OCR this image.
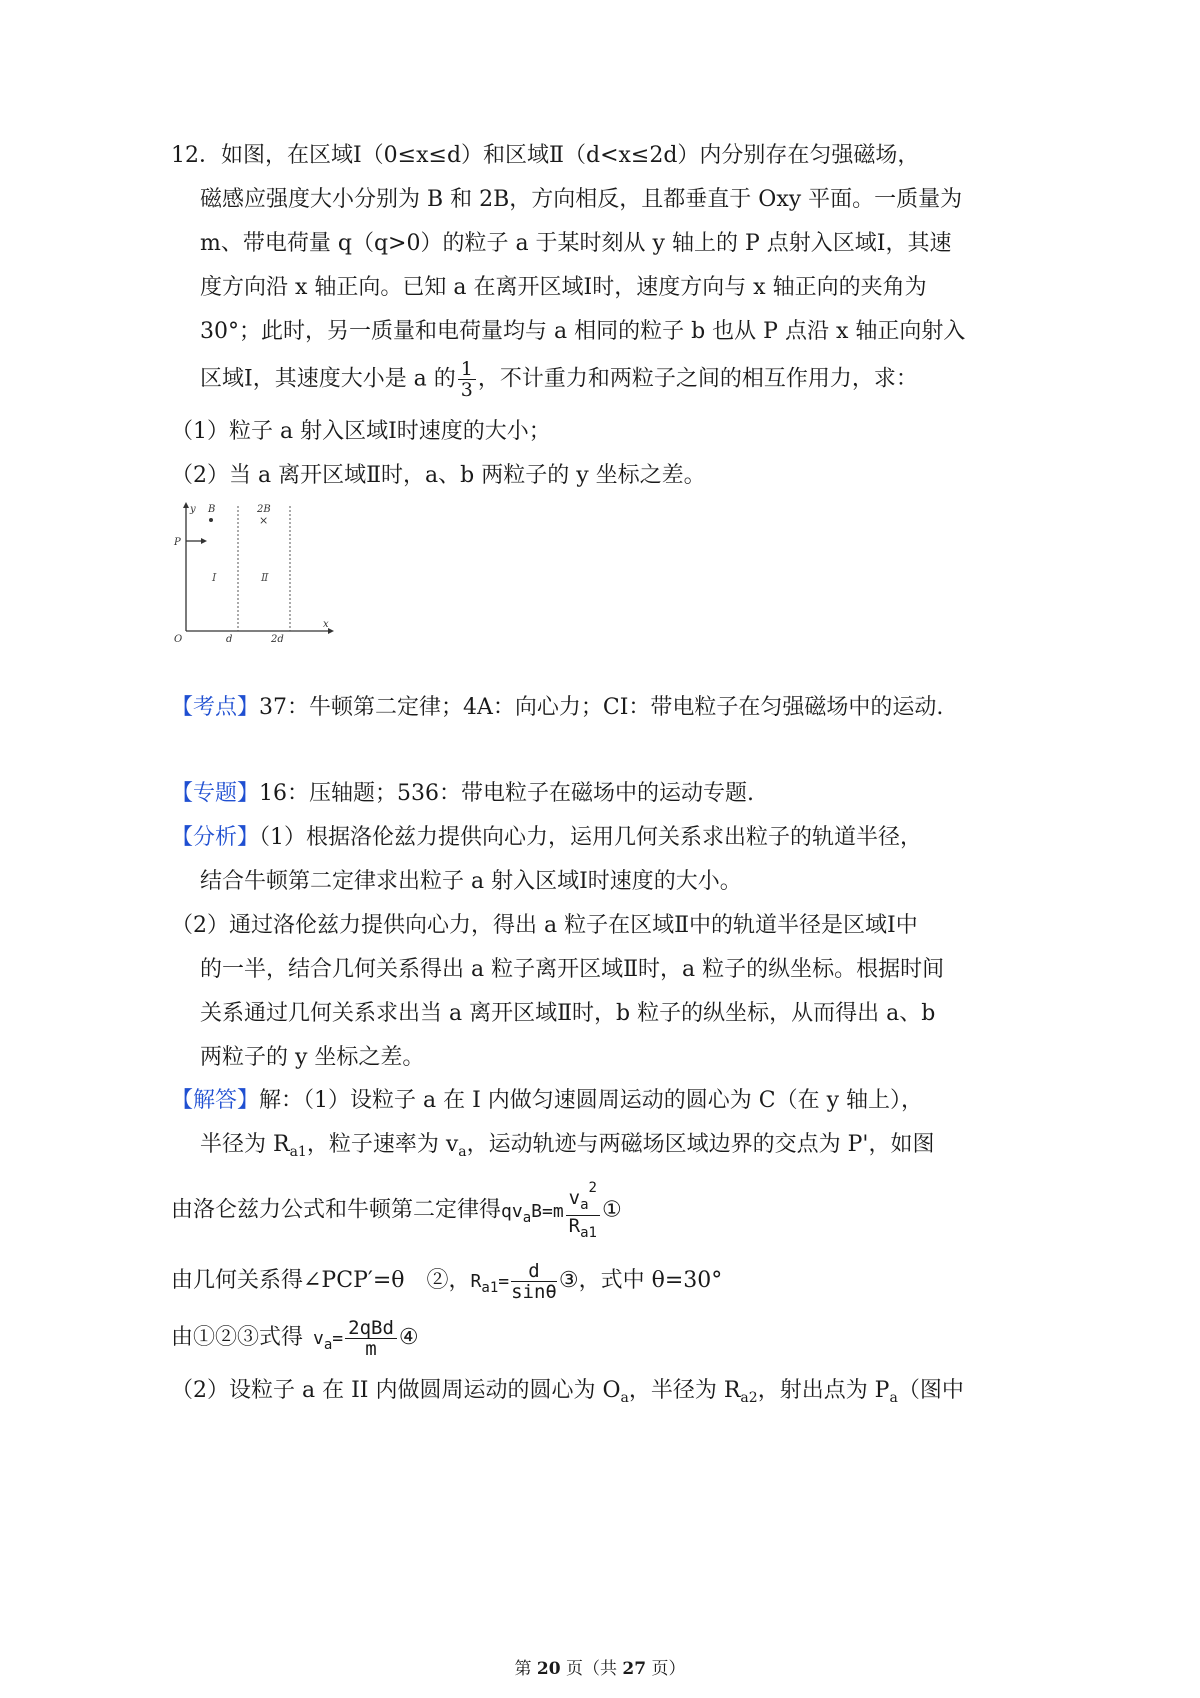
12．如图，在区域Ⅰ（0≤x≤d）和区域Ⅱ（d<x≤2d）内分别存在匀强磁场，
磁感应强度大小分别为 B 和 2B，方向相反，且都垂直于 Oxy 平面。一质量为
m、带电荷量 q（q>0）的粒子 a 于某时刻从 y 轴上的 P 点射入区域Ⅰ，其速
度方向沿 x 轴正向。已知 a 在离开区域Ⅰ时，速度方向与 x 轴正向的夹角为
30°；此时，另一质量和电荷量均与 a 相同的粒子 b 也从 P 点沿 x 轴正向射入
区域Ⅰ，其速度大小是 a 的 $\frac{1}{3}$ ，不计重力和两粒子之间的相互作用力，求：
（1）粒子 a 射入区域Ⅰ时速度的大小；
（2）当 a 离开区域Ⅱ时，a、b 两粒子的 y 坐标之差。
y
x
O
P
B	2B
×
Ⅰ	Ⅱ
d	2d
【考点】37：牛顿第二定律；4A：向心力；CI：带电粒子在匀强磁场中的运动.
【专题】16：压轴题；536：带电粒子在磁场中的运动专题.
【分析】（1）根据洛伦兹力提供向心力，运用几何关系求出粒子的轨道半径，
结合牛顿第二定律求出粒子 a 射入区域Ⅰ时速度的大小。
（2）通过洛伦兹力提供向心力，得出 a 粒子在区域Ⅱ中的轨道半径是区域Ⅰ中
的一半，结合几何关系得出 a 粒子离开区域Ⅱ时，a 粒子的纵坐标。根据时间
关系通过几何关系求出当 a 离开区域Ⅱ时，b 粒子的纵坐标，从而得出 a、b
两粒子的 y 坐标之差。
【解答】解：（1）设粒子 a 在 I 内做匀速圆周运动的圆心为 C（在 y 轴上），
半径为 $R_{a1}$，粒子速率为 $v_a$，运动轨迹与两磁场区域边界的交点为 P'，如图
由洛仑兹力公式和牛顿第二定律得$qv_aB=m \frac{v_a^2}{R_{a1}}$ ①
由几何关系得∠PCP′=θ　②，$R_{a1}= \frac{d}{\sin\theta}$ ③，式中 θ=30°
由①②③式得 $v_a= \frac{\text{2qBd}}{m}$ ④
（2）设粒子 a 在 II 内做圆周运动的圆心为 $O_a$，半径为 $R_{a2}$，射出点为 $P_a$（图中
第 20 页（共 27 页）
